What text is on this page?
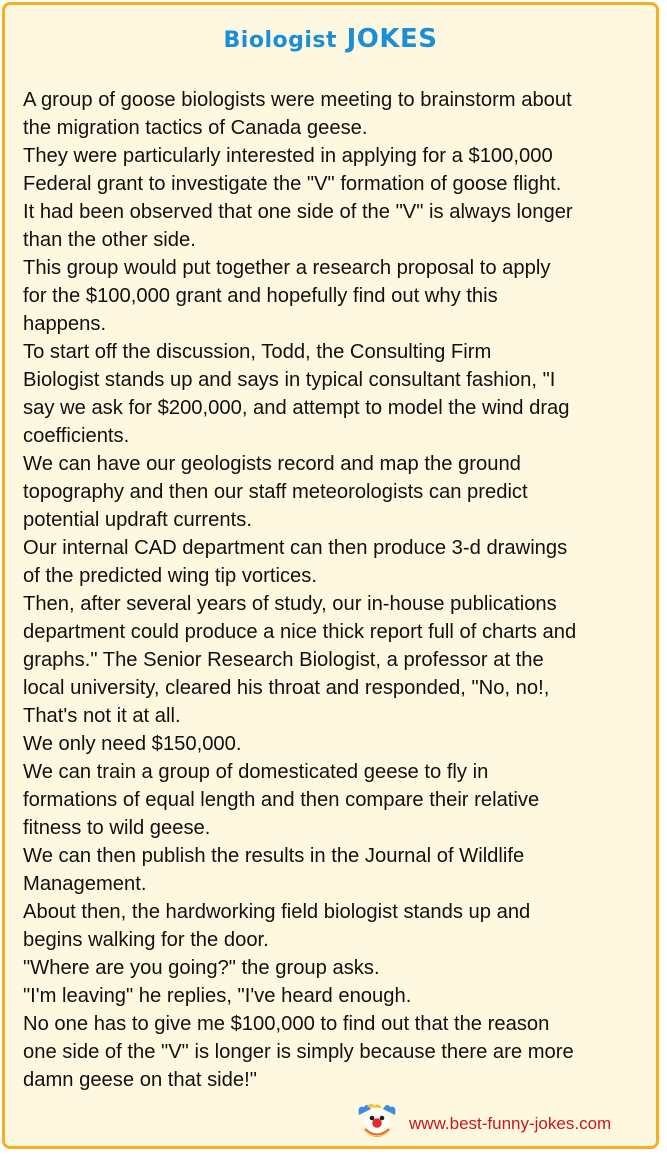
Biologist JOKES
A group of goose biologists were meeting to brainstorm about
the migration tactics of Canada geese.
They were particularly interested in applying for a $100,000
Federal grant to investigate the "V" formation of goose flight.
It had been observed that one side of the "V" is always longer
than the other side.
This group would put together a research proposal to apply
for the $100,000 grant and hopefully find out why this
happens.
To start off the discussion, Todd, the Consulting Firm
Biologist stands up and says in typical consultant fashion, "I
say we ask for $200,000, and attempt to model the wind drag
coefficients.
We can have our geologists record and map the ground
topography and then our staff meteorologists can predict
potential updraft currents.
Our internal CAD department can then produce 3-d drawings
of the predicted wing tip vortices.
Then, after several years of study, our in-house publications
department could produce a nice thick report full of charts and
graphs." The Senior Research Biologist, a professor at the
local university, cleared his throat and responded, "No, no!,
That's not it at all.
We only need $150,000.
We can train a group of domesticated geese to fly in
formations of equal length and then compare their relative
fitness to wild geese.
We can then publish the results in the Journal of Wildlife
Management.
About then, the hardworking field biologist stands up and
begins walking for the door.
"Where are you going?" the group asks.
"I'm leaving" he replies, "I've heard enough.
No one has to give me $100,000 to find out that the reason
one side of the "V" is longer is simply because there are more
damn geese on that side!"
www.best-funny-jokes.com
